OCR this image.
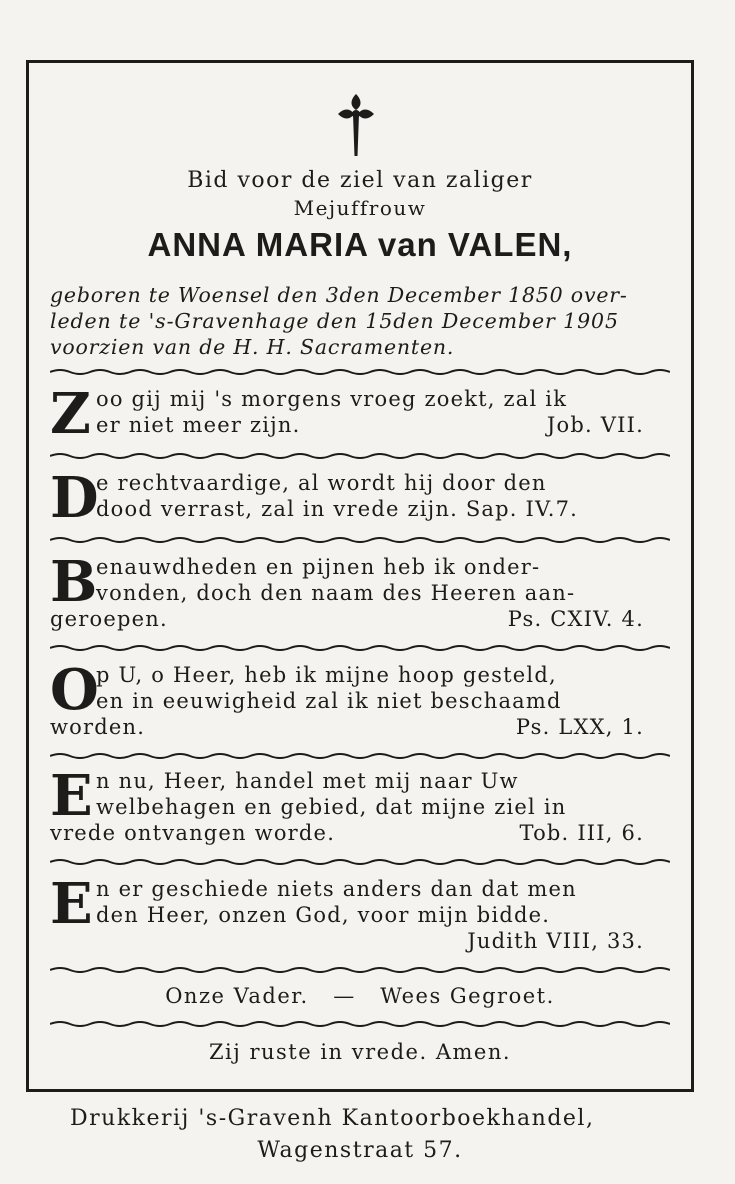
Bid voor de ziel van zaliger
Mejuffrouw
ANNA MARIA van VALEN,
geboren te Woensel den 3den December 1850 over-
leden te 's-Gravenhage den 15den December 1905
voorzien van de H. H. Sacramenten.
Z oo gij mij 's morgens vroeg zoekt, zal ik
er niet meer zijn.	Job. VII.
D
e rechtvaardige, al wordt hij door den
dood verrast, zal in vrede zijn. Sap. IV.7.
B
enauwdheden en pijnen heb ik onder-
vonden, doch den naam des Heeren aan-
geroepen.	Ps. CXIV. 4.
O
p U, o Heer, heb ik mijne hoop gesteld,
en in eeuwigheid zal ik niet beschaamd
worden.	Ps. LXX, 1.
E n nu, Heer, handel met mij naar Uw
welbehagen en gebied, dat mijne ziel in
vrede ontvangen worde.	Tob. III, 6.
E n er geschiede niets anders dan dat men
den Heer, onzen God, voor mijn bidde.
Judith VIII, 33.
Onze Vader.   —   Wees Gegroet.
Zij ruste in vrede. Amen.
Drukkerij 's-Gravenh Kantoorboekhandel,
Wagenstraat 57.
